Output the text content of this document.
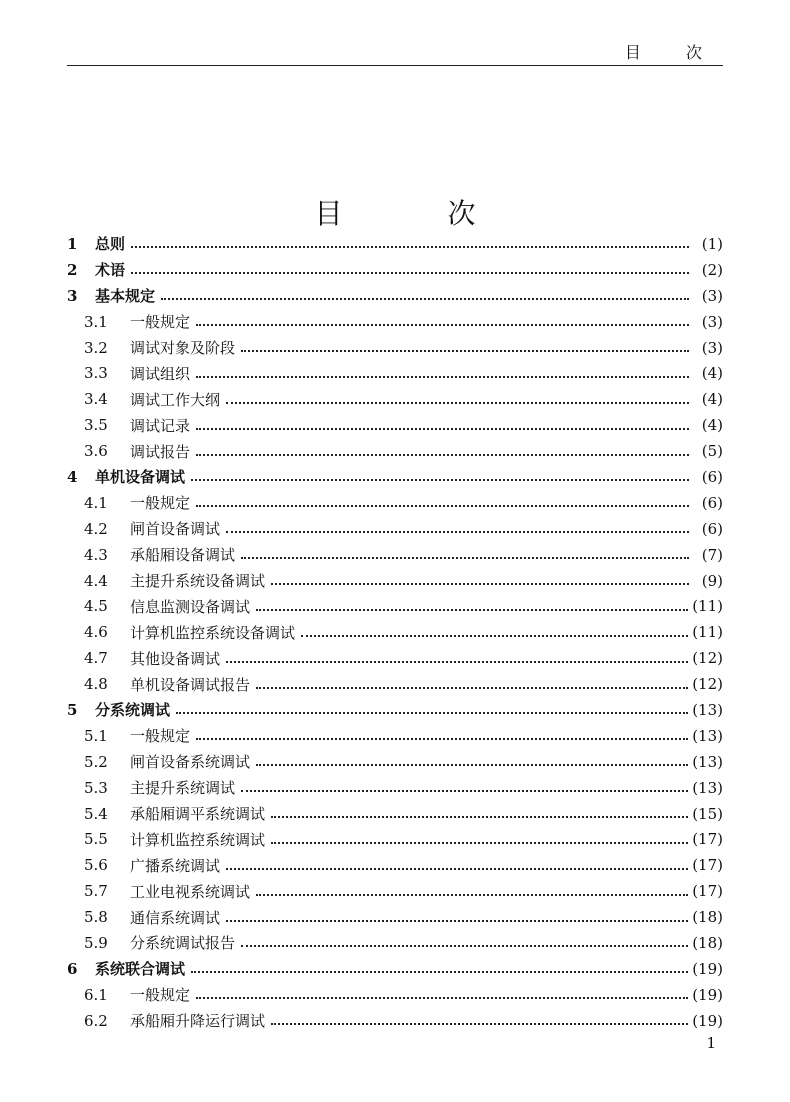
目 次
目 次
1	总则	(1)
2	术语	(2)
3	基本规定	(3)
3.1	一般规定	(3)
3.2	调试对象及阶段	(3)
3.3	调试组织	(4)
3.4	调试工作大纲	(4)
3.5	调试记录	(4)
3.6	调试报告	(5)
4	单机设备调试	(6)
4.1	一般规定	(6)
4.2	闸首设备调试	(6)
4.3	承船厢设备调试	(7)
4.4	主提升系统设备调试	(9)
4.5	信息监测设备调试	(11)
4.6	计算机监控系统设备调试	(11)
4.7	其他设备调试	(12)
4.8	单机设备调试报告	(12)
5	分系统调试	(13)
5.1	一般规定	(13)
5.2	闸首设备系统调试	(13)
5.3	主提升系统调试	(13)
5.4	承船厢调平系统调试	(15)
5.5	计算机监控系统调试	(17)
5.6	广播系统调试	(17)
5.7	工业电视系统调试	(17)
5.8	通信系统调试	(18)
5.9	分系统调试报告	(18)
6	系统联合调试	(19)
6.1	一般规定	(19)
6.2	承船厢升降运行调试	(19)
1
